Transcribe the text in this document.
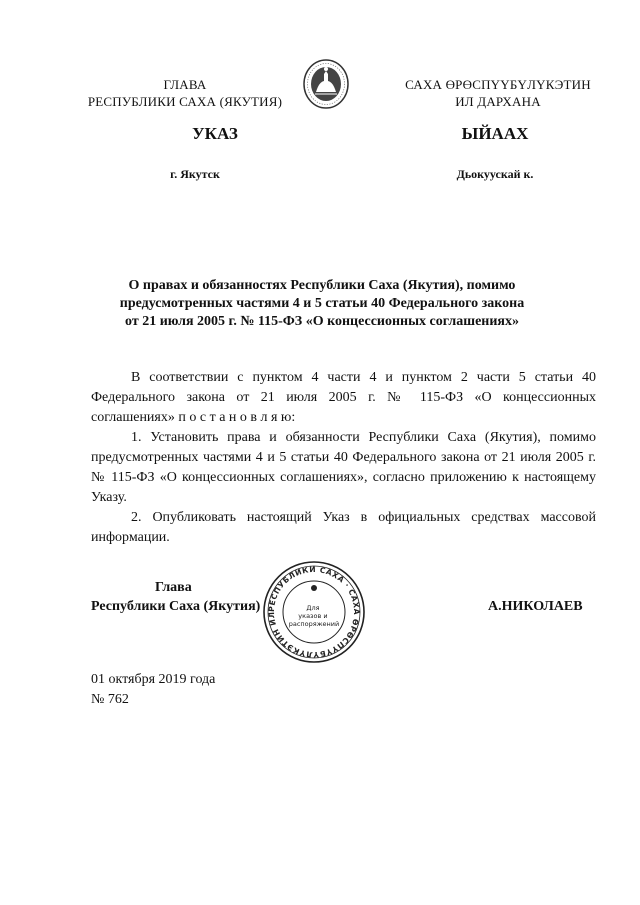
ГЛАВА
РЕСПУБЛИКИ САХА (ЯКУТИЯ)
САХА ӨРӨСПҮҮБҮЛҮКЭТИН
ИЛ ДАРХАНА
УКАЗ	ЫЙААХ
г. Якутск	Дьокуускай к.
О правах и обязанностях Республики Саха (Якутия), помимо
предусмотренных частями 4 и 5 статьи 40 Федерального закона
от 21 июля 2005 г. № 115-ФЗ «О концессионных соглашениях»

В соответствии с пунктом 4 части 4 и пунктом 2 части 5 статьи 40 Федерального закона от 21 июля 2005 г. № 115-ФЗ «О концессионных соглашениях» п о с т а н о в л я ю:

1. Установить права и обязанности Республики Саха (Якутия), помимо предусмотренных частями 4 и 5 статьи 40 Федерального закона от 21 июля 2005 г. № 115-ФЗ «О концессионных соглашениях», согласно приложению к настоящему Указу.

2. Опубликовать настоящий Указ в официальных средствах массовой информации.

Глава
Республики Саха (Якутия)	А.НИКОЛАЕВ
РЕСПУБЛИКИ САХА · САХА ӨРӨСПҮҮБҮЛҮКЭТИН ИЛ
Для указов и распоряжений
01 октября 2019 года
№ 762
